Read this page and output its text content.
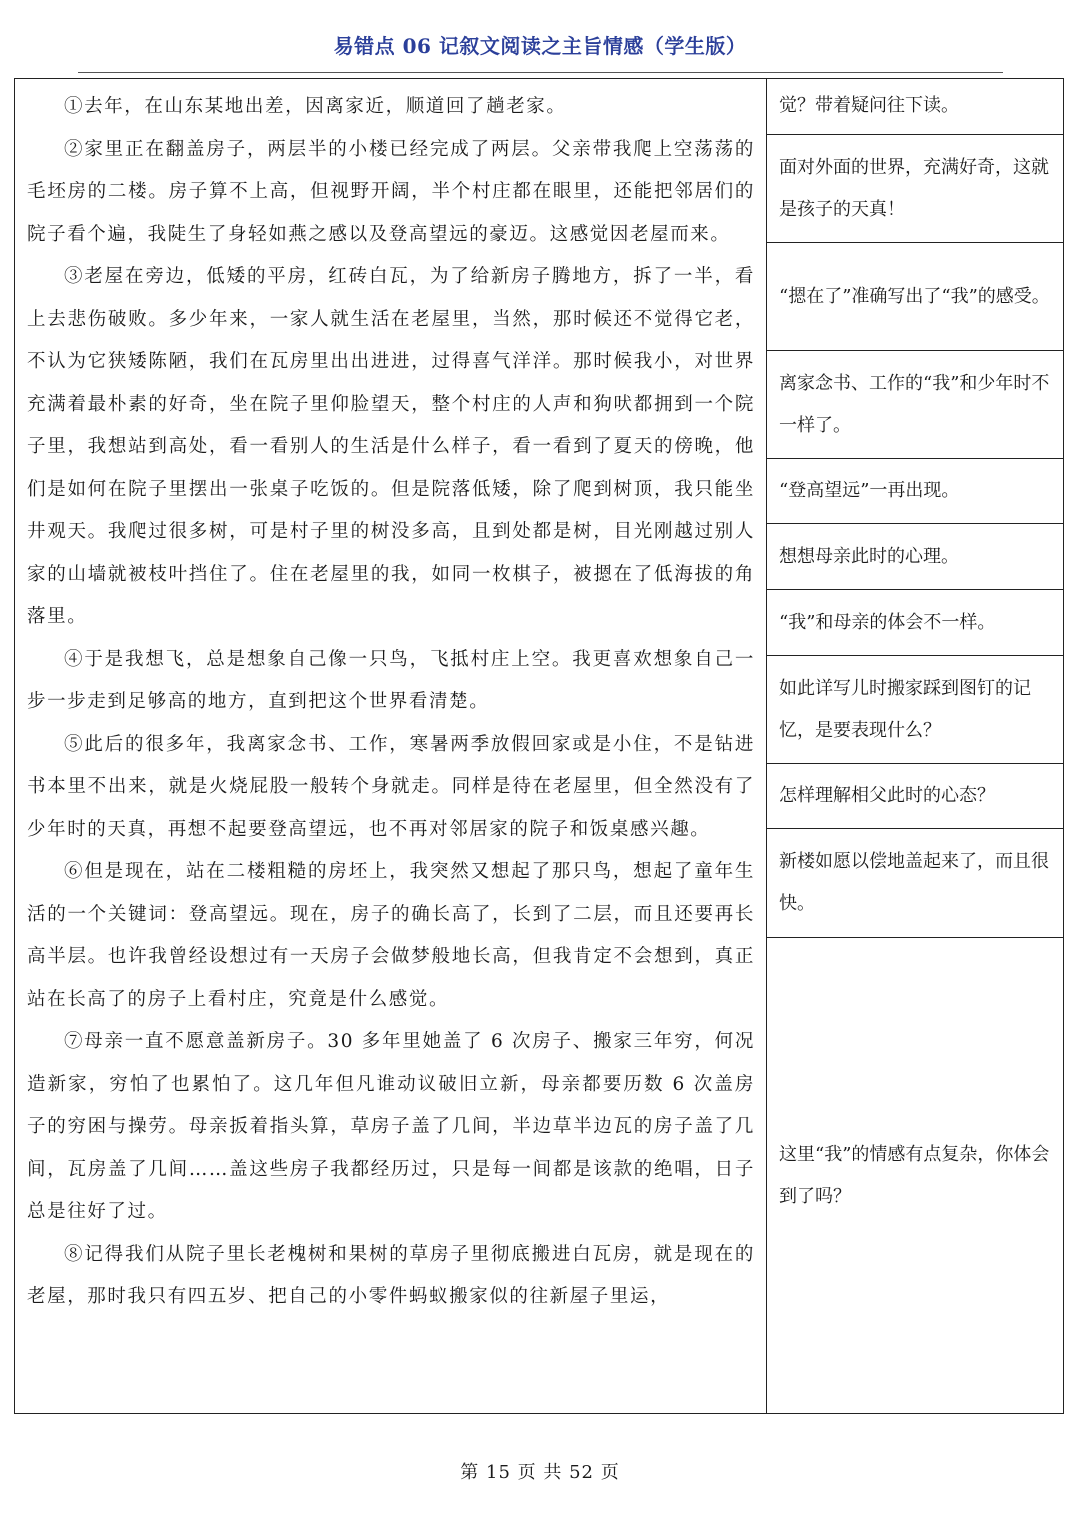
易错点 06 记叙文阅读之主旨情感（学生版）

①去年，在山东某地出差，因离家近，顺道回了趟老家。

②家里正在翻盖房子，两层半的小楼已经完成了两层。父亲带我爬上空荡荡的毛坯房的二楼。房子算不上高，但视野开阔，半个村庄都在眼里，还能把邻居们的院子看个遍，我陡生了身轻如燕之感以及登高望远的豪迈。这感觉因老屋而来。

③老屋在旁边，低矮的平房，红砖白瓦，为了给新房子腾地方，拆了一半，看上去悲伤破败。多少年来，一家人就生活在老屋里，当然，那时候还不觉得它老，不认为它狭矮陈陋，我们在瓦房里出出进进，过得喜气洋洋。那时候我小，对世界充满着最朴素的好奇，坐在院子里仰脸望天，整个村庄的人声和狗吠都拥到一个院子里，我想站到高处，看一看别人的生活是什么样子，看一看到了夏天的傍晚，他们是如何在院子里摆出一张桌子吃饭的。但是院落低矮，除了爬到树顶，我只能坐井观天。我爬过很多树，可是村子里的树没多高，且到处都是树，目光刚越过别人家的山墙就被枝叶挡住了。住在老屋里的我，如同一枚棋子，被摁在了低海拔的角落里。

④于是我想飞，总是想象自己像一只鸟，飞抵村庄上空。我更喜欢想象自己一步一步走到足够高的地方，直到把这个世界看清楚。

⑤此后的很多年，我离家念书、工作，寒暑两季放假回家或是小住，不是钻进书本里不出来，就是火烧屁股一般转个身就走。同样是待在老屋里，但全然没有了少年时的天真，再想不起要登高望远，也不再对邻居家的院子和饭桌感兴趣。

⑥但是现在，站在二楼粗糙的房坯上，我突然又想起了那只鸟，想起了童年生活的一个关键词：登高望远。现在，房子的确长高了，长到了二层，而且还要再长高半层。也许我曾经设想过有一天房子会做梦般地长高，但我肯定不会想到，真正站在长高了的房子上看村庄，究竟是什么感觉。

⑦母亲一直不愿意盖新房子。30 多年里她盖了 6 次房子、搬家三年穷，何况造新家，穷怕了也累怕了。这几年但凡谁动议破旧立新，母亲都要历数 6 次盖房子的穷困与操劳。母亲扳着指头算，草房子盖了几间，半边草半边瓦的房子盖了几间，瓦房盖了几间……盖这些房子我都经历过，只是每一间都是该款的绝唱，日子总是往好了过。

⑧记得我们从院子里长老槐树和果树的草房子里彻底搬进白瓦房，就是现在的老屋，那时我只有四五岁、把自己的小零件蚂蚁搬家似的往新屋子里运，

觉？带着疑问往下读。
面对外面的世界，充满好奇，这就是孩子的天真！
“摁在了”准确写出了“我”的感受。
离家念书、工作的“我”和少年时不一样了。
“登高望远”一再出现。
想想母亲此时的心理。
“我”和母亲的体会不一样。
如此详写儿时搬家踩到图钉的记忆，是要表现什么？
怎样理解相父此时的心态？
新楼如愿以偿地盖起来了，而且很快。
这里“我”的情感有点复杂，你体会到了吗？
第 15 页 共 52 页
